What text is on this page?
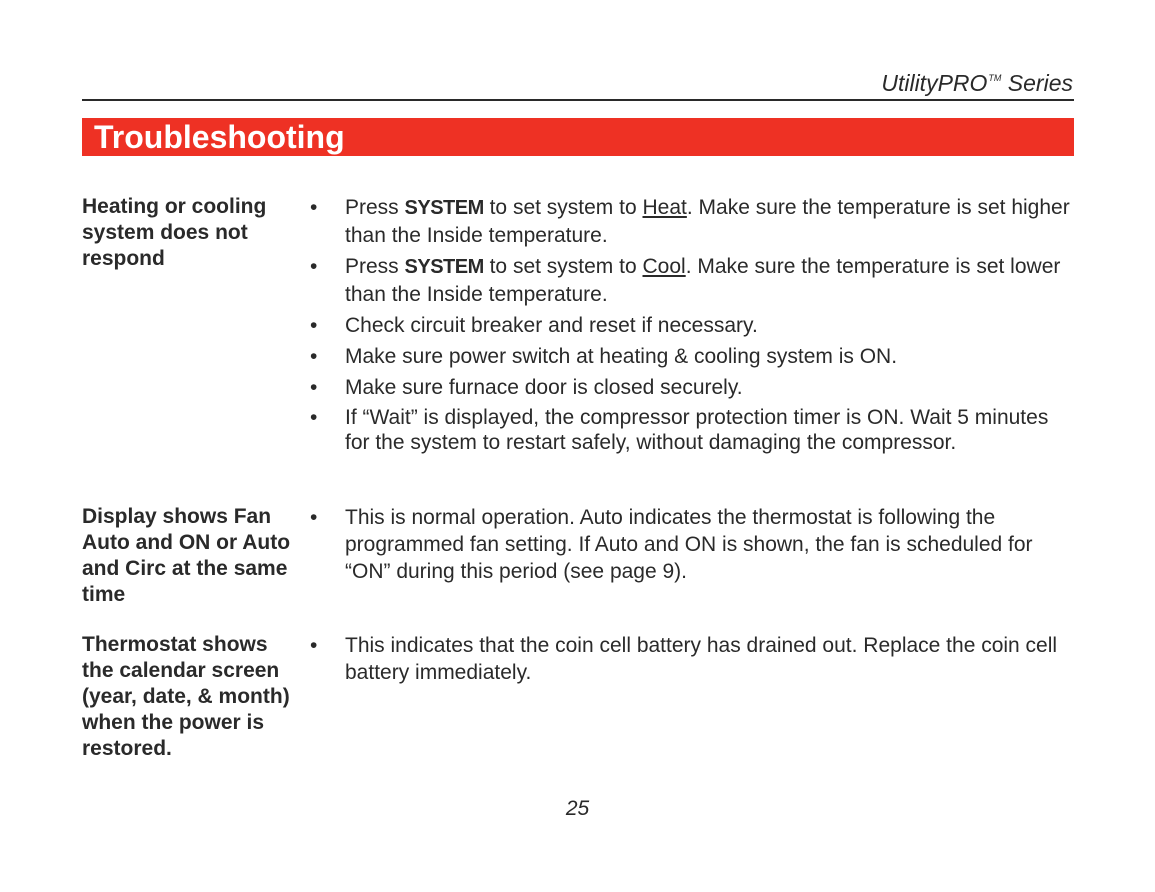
UtilityPRO™ Series
Troubleshooting
Heating or cooling system does not respond
• Press SYSTEM to set system to Heat. Make sure the temperature is set higher than the Inside temperature.
• Press SYSTEM to set system to Cool. Make sure the temperature is set lower than the Inside temperature.
• Check circuit breaker and reset if necessary.
• Make sure power switch at heating & cooling system is ON.
• Make sure furnace door is closed securely.
• If “Wait” is displayed, the compressor protection timer is ON. Wait 5 minutes for the system to restart safely, without damaging the compressor.
Display shows Fan Auto and ON or Auto and Circ at the same time
• This is normal operation. Auto indicates the thermostat is following the programmed fan setting. If Auto and ON is shown, the fan is scheduled for “ON” during this period (see page 9).
Thermostat shows the calendar screen (year, date, & month) when the power is restored.
• This indicates that the coin cell battery has drained out. Replace the coin cell battery immediately.
25
